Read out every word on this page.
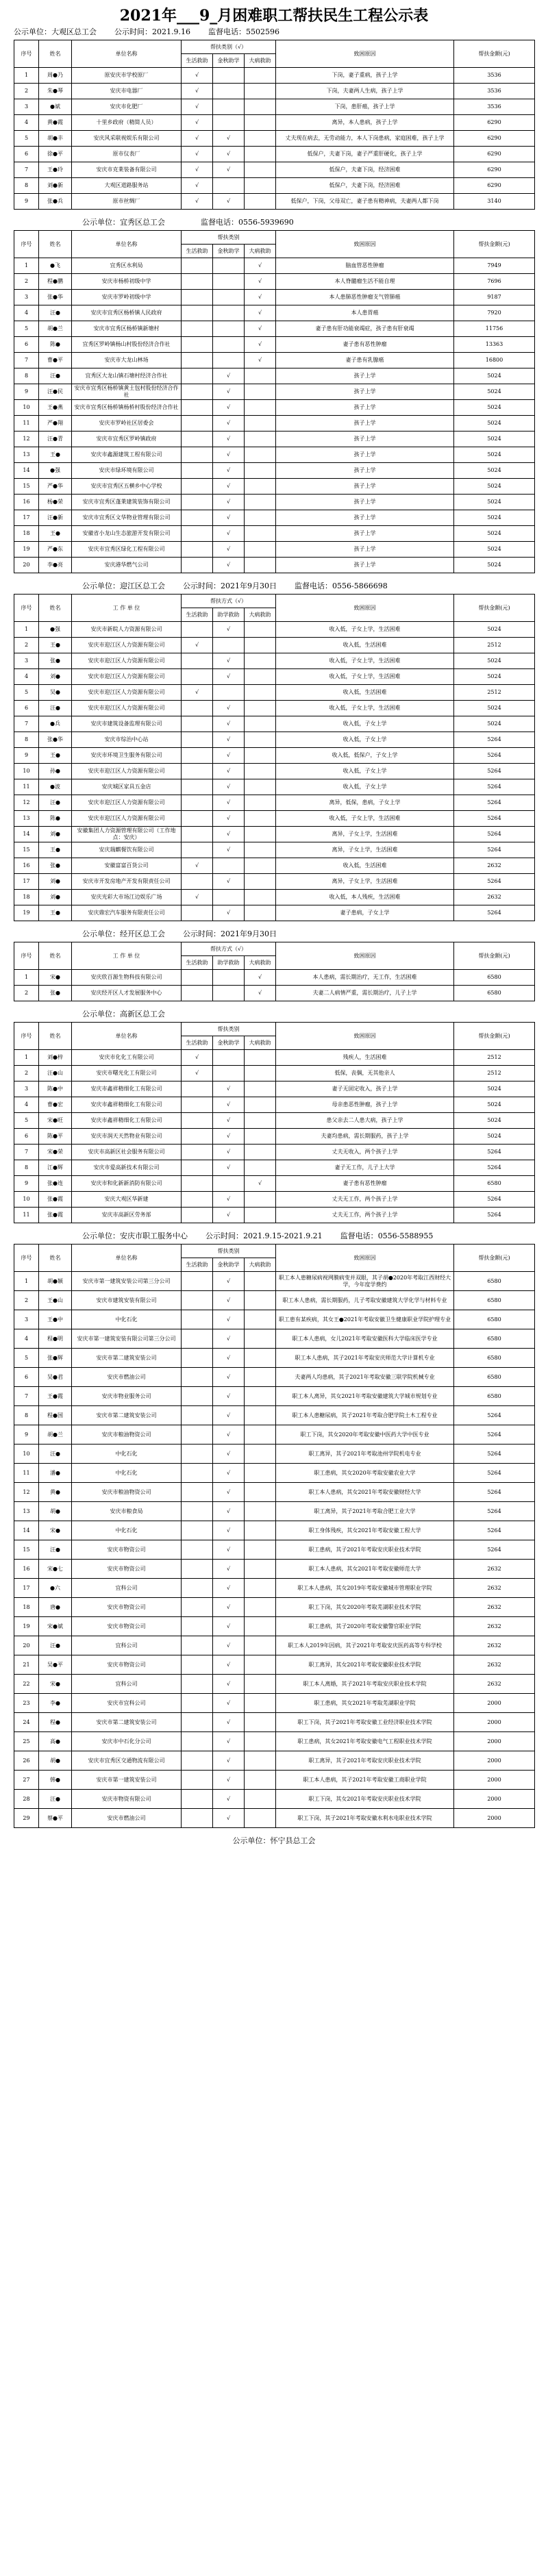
2021年___9_月困难职工帮扶民生工程公示表
公示单位：大观区总工会 公示时间：2021.9.16 监督电话：5502596
序号	姓名	单位名称	帮扶类别（√）			致困原因	帮扶金额(元)
			生活救助	金秋助学	大病救助		
1	周●乃	原安庆市学校原厂	√			下岗，妻子重病，孩子上学	3536
2	朱●琴	安庆市电器厂	√			下岗，夫妻两人生病，孩子上学	3536
3	●斌	安庆市化肥厂	√			下岗，患肝癌，孩子上学	3536
4	黄●霞	十里乡政府（精简人员）	√			离异，本人患病，孩子上学	6290
5	胡●丰	安庆风采联视娱乐有限公司	√	√		丈夫现在病去，无劳动能力，本人下岗患病，家庭困难，孩子上学	6290
6	徐●平	原市仪表厂	√	√		低保户，夫妻下岗，妻子严重肝硬化，孩子上学	6290
7	王●玲	安庆市克莱装备有限公司	√	√		低保户，夫妻下岗，经济困难	6290
8	刘●新	大观区道路服务站	√			低保户，夫妻下岗，经济困难	6290
9	张●兵	原市丝绸厂	√	√		低保户，下岗，父母双亡，妻子患有精神病，夫妻两人都下岗	3140
公示单位：宜秀区总工会	监督电话：0556-5939690
序号	姓名	单位名称	帮扶类别			致困原因	帮扶金额(元)
			生活救助	金秋助学	大病救助		
1	●飞	宜秀区水利局			√	脑血管恶性肿瘤	7949
2	程●鹏	安庆市杨桥初级中学			√	本人脊髓瘤生活不能自理	7696
3	张●华	安庆市罗岭初级中学			√	本人患肺恶性肿瘤支气管肺癌	9187
4	汪●	安庆市宜秀区杨桥镇人民政府			√	本人患胃癌	7920
5	胡●兰	安庆市宜秀区杨桥镇新塘村			√	妻子患有肝功能衰竭症，孩子患有肝衰竭	11756
6	陈●	宜秀区罗岭镇杨山村股份经济合作社			√	妻子患有恶性肿瘤	13363
7	曹●平	安庆市大龙山林场			√	妻子患有乳腺癌	16800
8	汪●	宜秀区大龙山镇石塘村经济合作社		√		孩子上学	5024
9	汪●民	安庆市宜秀区杨桥镇黄土包村股份经济合作社		√		孩子上学	5024
10	王●燕	安庆市宜秀区杨桥镇杨桥村股份经济合作社		√		孩子上学	5024
11	严●翔	安庆市罗岭社区居委会		√		孩子上学	5024
12	汪●青	安庆市宜秀区罗岭镇政府		√		孩子上学	5024
13	王●	安庆市鑫源建筑工程有限公司		√		孩子上学	5024
14	●强	安庆市绿环境有限公司		√		孩子上学	5024
15	严●华	安庆市宜秀区五横乡中心学校		√		孩子上学	5024
16	杨●荣	安庆市宜秀区蓬莱建筑装饰有限公司		√		孩子上学	5024
17	汪●新	安庆市宜秀区文华物业管理有限公司		√		孩子上学	5024
18	王●	安徽省小龙山生态旅游开发有限公司		√		孩子上学	5024
19	严●东	安庆市宜秀区绿化工程有限公司		√		孩子上学	5024
20	李●亮	安庆港华燃气公司		√		孩子上学	5024
公示单位：迎江区总工会 公示时间：2021年9月30日 监督电话：0556-5866698
序号	姓名	工 作 单 位	帮扶方式（√）			致困原因	帮扶金额(元)
			生活救助	助学救助	大病救助		
1	●强	安庆市新皖人力资源有限公司		√		收入低，子女上学，生活困难	5024
2	王●	安庆市迎江区人力资源有限公司	√			收入低，生活困难	2512
3	张●	安庆市迎江区人力资源有限公司		√		收入低，子女上学，生活困难	5024
4	刘●	安庆市迎江区人力资源有限公司		√		收入低，子女上学，生活困难	5024
5	吴●	安庆市迎江区人力资源有限公司	√			收入低，生活困难	2512
6	汪●	安庆市迎江区人力资源有限公司		√		收入低，子女上学，生活困难	5024
7	●兵	安庆市建筑设备监理有限公司		√		收入低，子女上学	5024
8	张●华	安庆市综治中心站		√		收入低，子女上学	5264
9	王●	安庆市环境卫生服务有限公司		√		收入低，低保户，子女上学	5264
10	孙●	安庆市迎江区人力资源有限公司		√		收入低，子女上学	5264
11	●波	安庆城区家具五金店		√		收入低，子女上学	5264
12	汪●	安庆市迎江区人力资源有限公司		√		离异，低保，患病，子女上学	5264
13	陈●	安庆市迎江区人力资源有限公司		√		收入低，子女上学，生活困难	5264
14	刘●	安徽集团人力资源管理有限公司（工作地点：安庆）		√		离异，子女上学，生活困难	5264
15	王●	安庆瑞麒餐饮有限公司		√		离异，子女上学，生活困难	5264
16	张●	安徽富富百货公司	√			收入低，生活困难	2632
17	刘●	安庆市开发房地产开发有限责任公司		√		离异，子女上学，生活困难	5264
18	刘●	安庆光彩大市场江边娱乐广场	√			收入低，本人残疾，生活困难	2632
19	王●	安庆鼎宏汽车服务有限责任公司		√		妻子患病，子女上学	5264
公示单位：经开区总工会 公示时间：2021年9月30日
序号	姓名	工 作 单 位	帮扶方式（√）			致困原因	帮扶金额(元)
			生活救助	助学救助	大病救助		
1	宋●	安庆欣百源生物科技有限公司			√	本人患病，需长期治疗，无工作，生活困难	6580
2	张●	安庆经开区人才发展服务中心			√	夫妻二人病情严重，需长期治疗，儿子上学	6580
公示单位：高新区总工会
序号	姓名	单位名称	帮扶类别			致困原因	帮扶金额(元)
			生活救助	金秋助学	大病救助		
1	刘●梓	安庆市化化工有限公司	√			残疾人，生活困难	2512
2	汪●山	安庆市曙光化工有限公司	√			低保，丧偶，无其他亲人	2512
3	陈●中	安庆市鑫祥精细化工有限公司		√		妻子无固定收入，孩子上学	5024
4	曹●宏	安庆市鑫祥精细化工有限公司		√		母亲患恶性肿瘤，孩子上学	5024
5	宋●旺	安庆市鑫祥精细化工有限公司		√		患父亲去二人患大病，孩子上学	5024
6	陈●平	安庆市润天天然物业有限公司		√		夫妻均患病，需长期服药，孩子上学	5024
7	宋●荣	安庆市高新区社会服务有限公司		√		丈夫无收入，两个孩子上学	5264
8	江●辉	安庆市爱高新技术有限公司		√		妻子无工作，儿子上大学	5264
9	张●连	安庆市和化新新消防有限公司			√	妻子患有恶性肿瘤	6580
10	张●霞	安庆大观区华新建		√		丈夫无工作，两个孩子上学	5264
11	张●霞	安庆市高新区劳务部		√		丈夫无工作，两个孩子上学	5264
公示单位：安庆市职工服务中心 公示时间：2021.9.15-2021.9.21 监督电话：0556-5588955
序号	姓名	单位名称	帮扶类别			致困原因	帮扶金额(元)
			生活救助	金秋助学	大病救助		
1	胡●颖	安庆市第一建筑安装公司第三分公司		√		职工本人患糖尿病视网膜病变并双眼，其子胡●2020年考取江西财经大学，今年度学费约	6580
2	王●山	安庆市建筑安装有限公司		√		职工本人患病，需长期服药，儿子考取安徽建筑大学化学与材料专业	6580
3	王●中	中化石化		√		职工患有某疾病，其女王●2021年考取安徽卫生健康职业学院护理专业	6580
4	程●明	安庆市第一建筑安装有限公司第三分公司		√		职工本人患病，女儿2021年考取安徽医科大学临床医学专业	6580
5	张●辉	安庆市第二建筑安装公司		√		职工本人患病，其子2021年考取安庆师范大学计算机专业	6580
6	吴●君	安庆市燃油公司		√		夫妻两人均患病，其子2021年考取安徽三联学院机械专业	6580
7	王●霞	安庆市物业服务公司		√		职工本人离异，其女2021年考取安徽建筑大学城市规划专业	6580
8	程●国	安庆市第二建筑安装公司		√		职工本人患糖尿病，其子2021年考取合肥学院土木工程专业	5264
9	胡●兰	安庆市粮油物资公司		√		职工下岗，其女2020年考取安徽中医药大学中医专业	5264
10	汪●	中化石化		√		职工离异，其子2021年考取池州学院机电专业	5264
11	潘●	中化石化		√		职工患病，其女2020年考取安徽农业大学	5264
12	黄●	安庆市粮油物资公司		√		职工本人患病，其女2021年考取安徽财经大学	5264
13	胡●	安庆市粮食局		√		职工离异，其子2021年考取合肥工业大学	5264
14	宋●	中化石化		√		职工身体残疾，其女2021年考取安徽工程大学	5264
15	汪●	安庆市物资公司		√		职工患病，其子2021年考取安庆职业技术学院	5264
16	宋●七	安庆市物资公司		√		职工本人患病，其女2021年考取安徽师范大学	2632
17	●六	宜科公司		√		职工本人患病，其女2019年考取安徽城市管理职业学院	2632
18	唐●	安庆市物资公司		√		职工下岗，其女2020年考取芜湖职业技术学院	2632
19	宋●斌	安庆市物资公司		√		职工患病，其子2020年考取安徽警官职业学院	2632
20	汪●	宜科公司		√		职工本人2019年因病，其子2021年考取安庆医药高等专科学校	2632
21	吴●平	安庆市物资公司		√		职工离异，其女2021年考取安徽职业技术学院	2632
22	宋●	宜科公司		√		职工本人离婚，其子2021年考取安庆职业技术学院	2632
23	李●	安庆市宜科公司		√		职工患病，其女2021年考取芜湖职业学院	2000
24	程●	安庆市第二建筑安装公司		√		职工下岗，其子2021年考取安徽工业经济职业技术学院	2000
25	高●	安庆市中石化分公司		√		职工患病，其女2021年考取安徽电气工程职业技术学院	2000
26	胡●	安庆市宜秀区交通物流有限公司		√		职工离异，其子2021年考取安庆职业技术学院	2000
27	韩●	安庆市第一建筑安装公司		√		职工本人患病，其子2021年考取安徽工商职业学院	2000
28	汪●	安庆市物资有限公司		√		职工下岗，其女2021年考取安庆职业技术学院	2000
29	蔡●平	安庆市燃油公司		√		职工下岗，其子2021年考取安徽水利水电职业技术学院	2000
公示单位：怀宁县总工会
